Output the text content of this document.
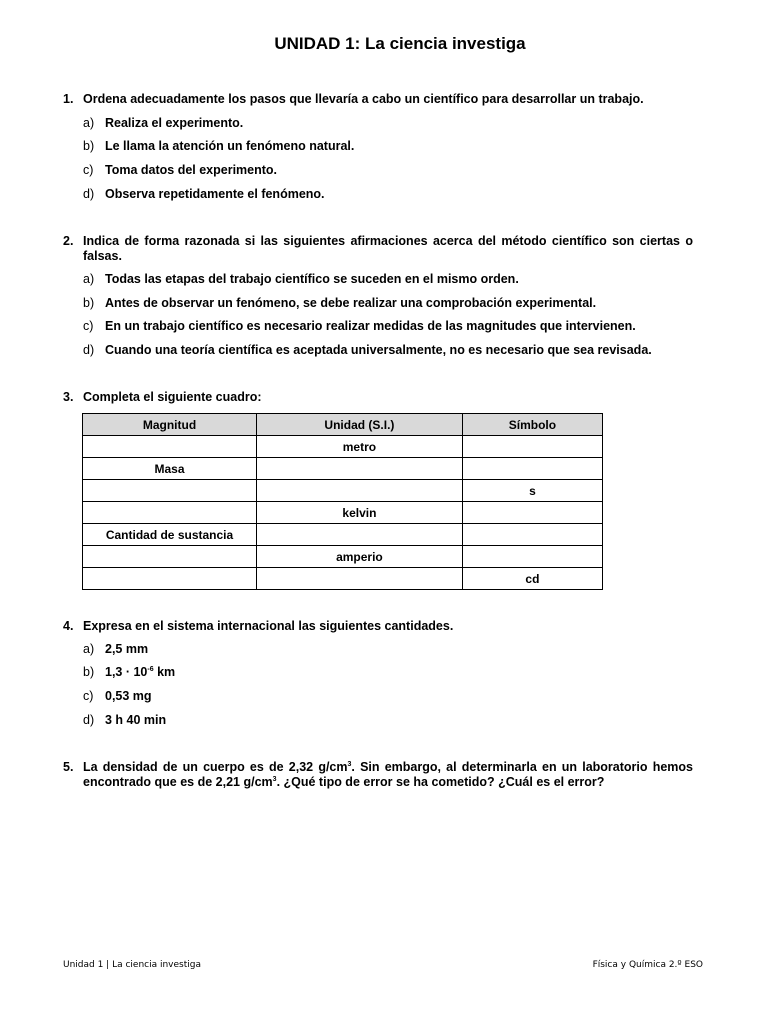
UNIDAD 1: La ciencia investiga
1. Ordena adecuadamente los pasos que llevaría a cabo un científico para desarrollar un trabajo.
a) Realiza el experimento.
b) Le llama la atención un fenómeno natural.
c) Toma datos del experimento.
d) Observa repetidamente el fenómeno.
2. Indica de forma razonada si las siguientes afirmaciones acerca del método científico son ciertas o falsas.
a) Todas las etapas del trabajo científico se suceden en el mismo orden.
b) Antes de observar un fenómeno, se debe realizar una comprobación experimental.
c) En un trabajo científico es necesario realizar medidas de las magnitudes que intervienen.
d) Cuando una teoría científica es aceptada universalmente, no es necesario que sea revisada.
3. Completa el siguiente cuadro:
Magnitud	Unidad (S.I.)	Símbolo
	metro	
Masa		
		s
	kelvin	
Cantidad de sustancia		
	amperio	
		cd
4. Expresa en el sistema internacional las siguientes cantidades.
a) 2,5 mm
b) $1,3 \cdot 10^{-6}$ km
c) 0,53 mg
d) 3 h 40 min
5. La densidad de un cuerpo es de 2,32 $g/cm^3$. Sin embargo, al determinarla en un laboratorio hemos encontrado que es de 2,21 $g/cm^3$. ¿Qué tipo de error se ha cometido? ¿Cuál es el error?
Unidad 1 | La ciencia investiga	Física y Química 2.º ESO
